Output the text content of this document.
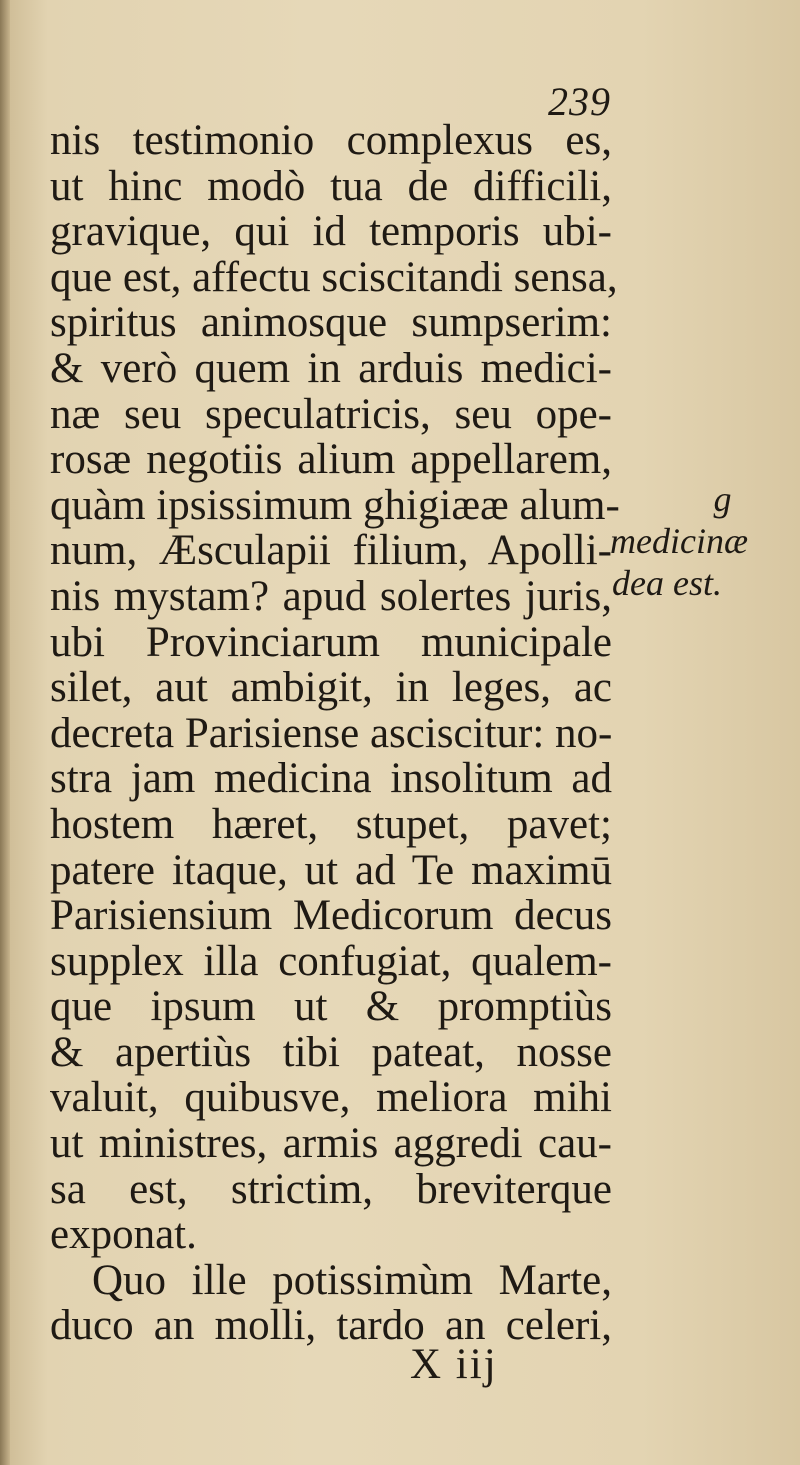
239
nis testimonio complexus es,
ut hinc modò tua de difficili,
gravique, qui id temporis ubi-
que est, affectu sciscitandi sensa,
spiritus animosque sumpserim:
& verò quem in arduis medici-
næ seu speculatricis, seu ope-
rosæ negotiis alium appellarem,
quàm ipsissimum ghigiææ alum-
num, Æsculapii filium, Apolli-
nis mystam? apud solertes juris,
ubi Provinciarum municipale
silet, aut ambigit, in leges, ac
decreta Parisiense asciscitur: no-
stra jam medicina insolitum ad
hostem hæret, stupet, pavet;
patere itaque, ut ad Te maximū
Parisiensium Medicorum decus
supplex illa confugiat, qualem-
que ipsum ut & promptiùs
& apertiùs tibi pateat, nosse
valuit, quibusve, meliora mihi
ut ministres, armis aggredi cau-
sa est, strictim, breviterque
exponat.
Quo ille potissimùm Marte,
duco an molli, tardo an celeri,
g
medicinæ
dea est.
X iij
